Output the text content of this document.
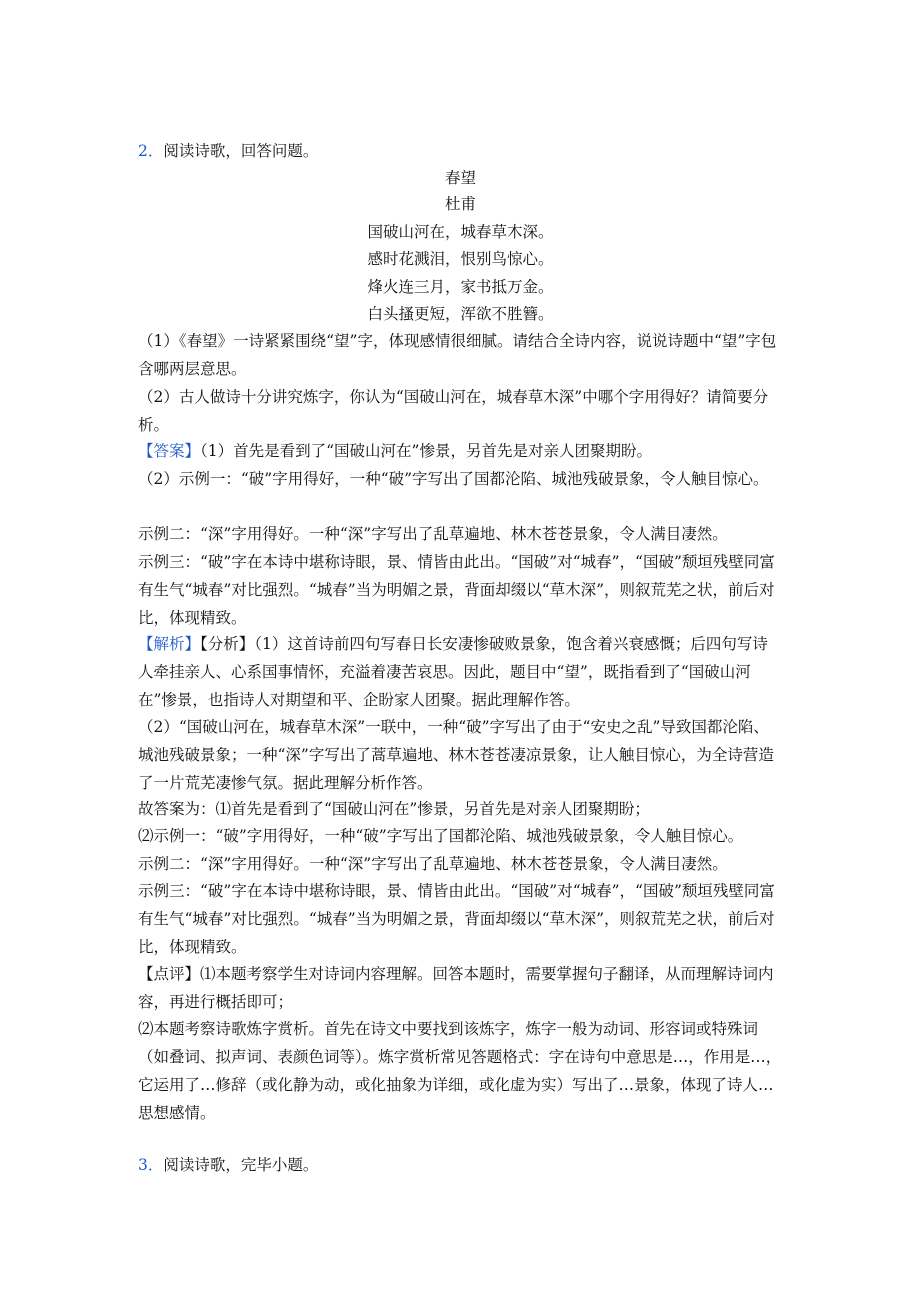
2．阅读诗歌，回答问题。

春望

杜甫

国破山河在，城春草木深。

感时花溅泪，恨别鸟惊心。

烽火连三月，家书抵万金。

白头搔更短，浑欲不胜簪。

（1）《春望》一诗紧紧围绕“望”字，体现感情很细腻。请结合全诗内容，说说诗题中“望”字包含哪两层意思。

（2）古人做诗十分讲究炼字，你认为“国破山河在，城春草木深”中哪个字用得好？请简要分析。

【答案】（1）首先是看到了“国破山河在”惨景，另首先是对亲人团聚期盼。

（2）示例一：“破”字用得好，一种“破”字写出了国都沦陷、城池残破景象，令人触目惊心。

示例二：“深”字用得好。一种“深”字写出了乱草遍地、林木苍苍景象，令人满目凄然。

示例三：“破”字在本诗中堪称诗眼，景、情皆由此出。“国破”对“城春”，“国破”颓垣残壁同富有生气“城春”对比强烈。“城春”当为明媚之景，背面却缀以“草木深”，则叙荒芜之状，前后对比，体现精致。

【解析】【分析】（1）这首诗前四句写春日长安凄惨破败景象，饱含着兴衰感慨；后四句写诗人牵挂亲人、心系国事情怀，充溢着凄苦哀思。因此，题目中“望”，既指看到了“国破山河在”惨景，也指诗人对期望和平、企盼家人团聚。据此理解作答。

（2）“国破山河在，城春草木深”一联中，一种“破”字写出了由于“安史之乱”导致国都沦陷、城池残破景象；一种“深”字写出了蒿草遍地、林木苍苍凄凉景象，让人触目惊心，为全诗营造了一片荒芜凄惨气氛。据此理解分析作答。

故答案为：⑴首先是看到了“国破山河在”惨景，另首先是对亲人团聚期盼；

⑵示例一：“破”字用得好，一种“破”字写出了国都沦陷、城池残破景象，令人触目惊心。

示例二：“深”字用得好。一种“深”字写出了乱草遍地、林木苍苍景象，令人满目凄然。

示例三：“破”字在本诗中堪称诗眼，景、情皆由此出。“国破”对“城春”，“国破”颓垣残壁同富有生气“城春”对比强烈。“城春”当为明媚之景，背面却缀以“草木深”，则叙荒芜之状，前后对比，体现精致。

【点评】⑴本题考察学生对诗词内容理解。回答本题时，需要掌握句子翻译，从而理解诗词内容，再进行概括即可；

⑵本题考察诗歌炼字赏析。首先在诗文中要找到该炼字，炼字一般为动词、形容词或特殊词（如叠词、拟声词、表颜色词等）。炼字赏析常见答题格式：字在诗句中意思是…，作用是…，它运用了…修辞（或化静为动，或化抽象为详细，或化虚为实）写出了…景象，体现了诗人…思想感情。

3．阅读诗歌，完毕小题。
